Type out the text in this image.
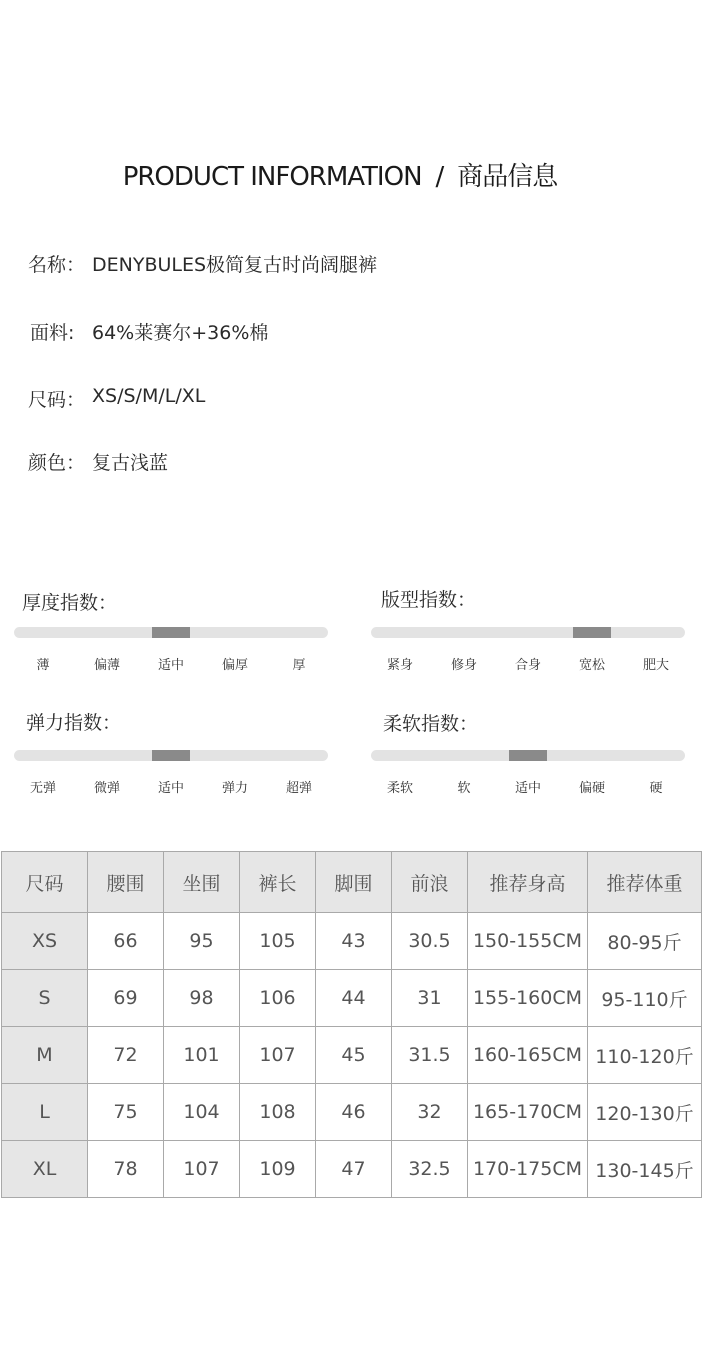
PRODUCT INFORMATION / 商品信息
名称： DENYBULES极简复古时尚阔腿裤
面料: 64%莱赛尔+36%棉
尺码： XS/S/M/L/XL
颜色： 复古浅蓝
厚度指数：
薄	偏薄	适中	偏厚	厚
版型指数：
紧身	修身	合身	宽松	肥大
弹力指数：
无弹	微弹	适中	弹力	超弹
柔软指数：
柔软	软	适中	偏硬	硬
尺码	腰围	坐围	裤长	脚围	前浪	推荐身高	推荐体重
XS	66	95	105	43	30.5	150-155CM	80-95斤
S	69	98	106	44	31	155-160CM	95-110斤
M	72	101	107	45	31.5	160-165CM	110-120斤
L	75	104	108	46	32	165-170CM	120-130斤
XL	78	107	109	47	32.5	170-175CM	130-145斤
